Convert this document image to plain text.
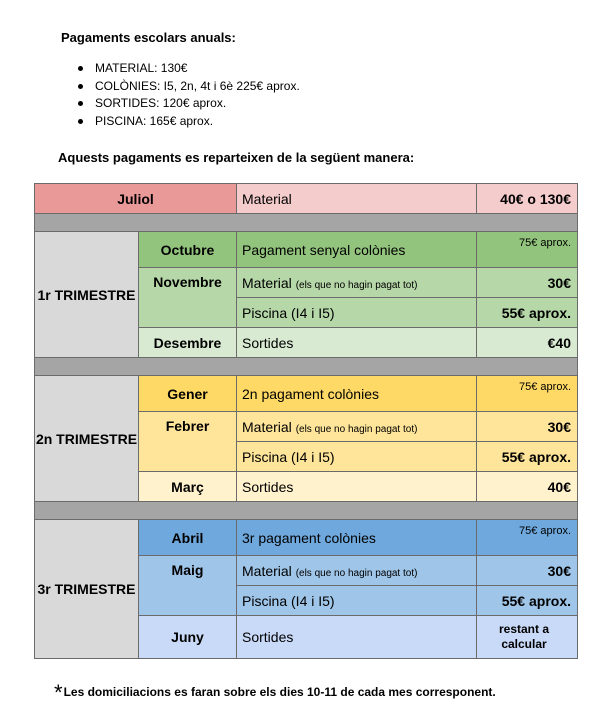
Pagaments escolars anuals:
MATERIAL: 130€
COLÒNIES: I5, 2n, 4t i 6è 225€ aprox.
SORTIDES: 120€ aprox.
PISCINA: 165€ aprox.
Aquests pagaments es reparteixen de la següent manera:
Juliol		Material	40€ o 130€

1r TRIMESTRE	Octubre	Pagament senyal colònies	75€ aprox.
	Novembre	Material (els que no hagin pagat tot)	30€
		Piscina (I4 i I5)	55€ aprox.
	Desembre	Sortides	€40

2n TRIMESTRE	Gener	2n pagament colònies	75€ aprox.
	Febrer	Material (els que no hagin pagat tot)	30€
		Piscina (I4 i I5)	55€ aprox.
	Març	Sortides	40€

3r TRIMESTRE	Abril	3r pagament colònies	75€ aprox.
	Maig	Material (els que no hagin pagat tot)	30€
		Piscina (I4 i I5)	55€ aprox.
	Juny	Sortides	restant a calcular
*Les domiciliacions es faran sobre els dies 10-11 de cada mes corresponent.
